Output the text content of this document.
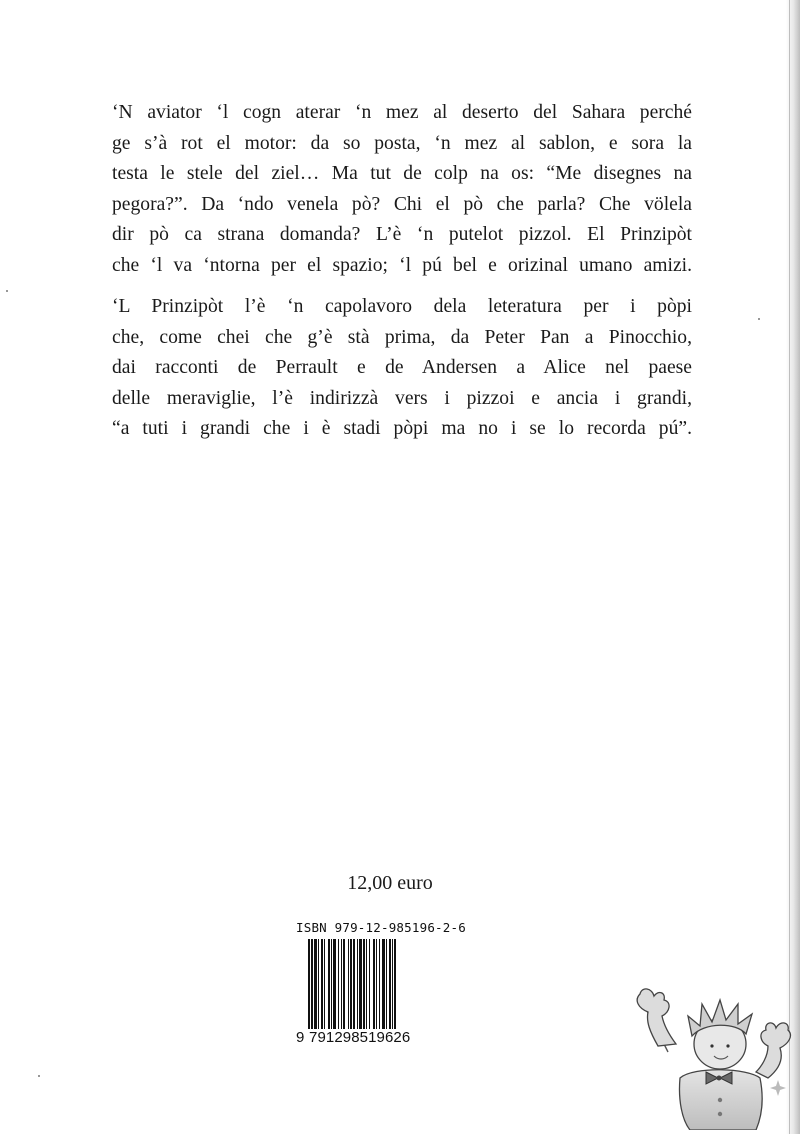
‘N aviator ‘l cogn aterar ‘n mez al deserto del Sahara perché
ge s’à rot el motor: da so posta, ‘n mez al sablon, e sora la
testa le stele del ziel… Ma tut de colp na os: “Me disegnes na
pegora?”. Da ‘ndo venela pò? Chi el pò che parla? Che völela
dir pò ca strana domanda? L’è ‘n putelot pizzol. El Prinzipòt
che ‘l va ‘ntorna per el spazio; ‘l pú bel e orizinal umano amizi.

‘L Prinzipòt l’è ‘n capolavoro dela leteratura per i pòpi
che, come chei che g’è stà prima, da Peter Pan a Pinocchio,
dai racconti de Perrault e de Andersen a Alice nel paese
delle meraviglie, l’è indirizzà vers i pizzoi e ancia i grandi,
“a tuti i grandi che i è stadi pòpi ma no i se lo recorda pú”.

12,00 euro
ISBN 979-12-985196-2-6
9 791298519626
